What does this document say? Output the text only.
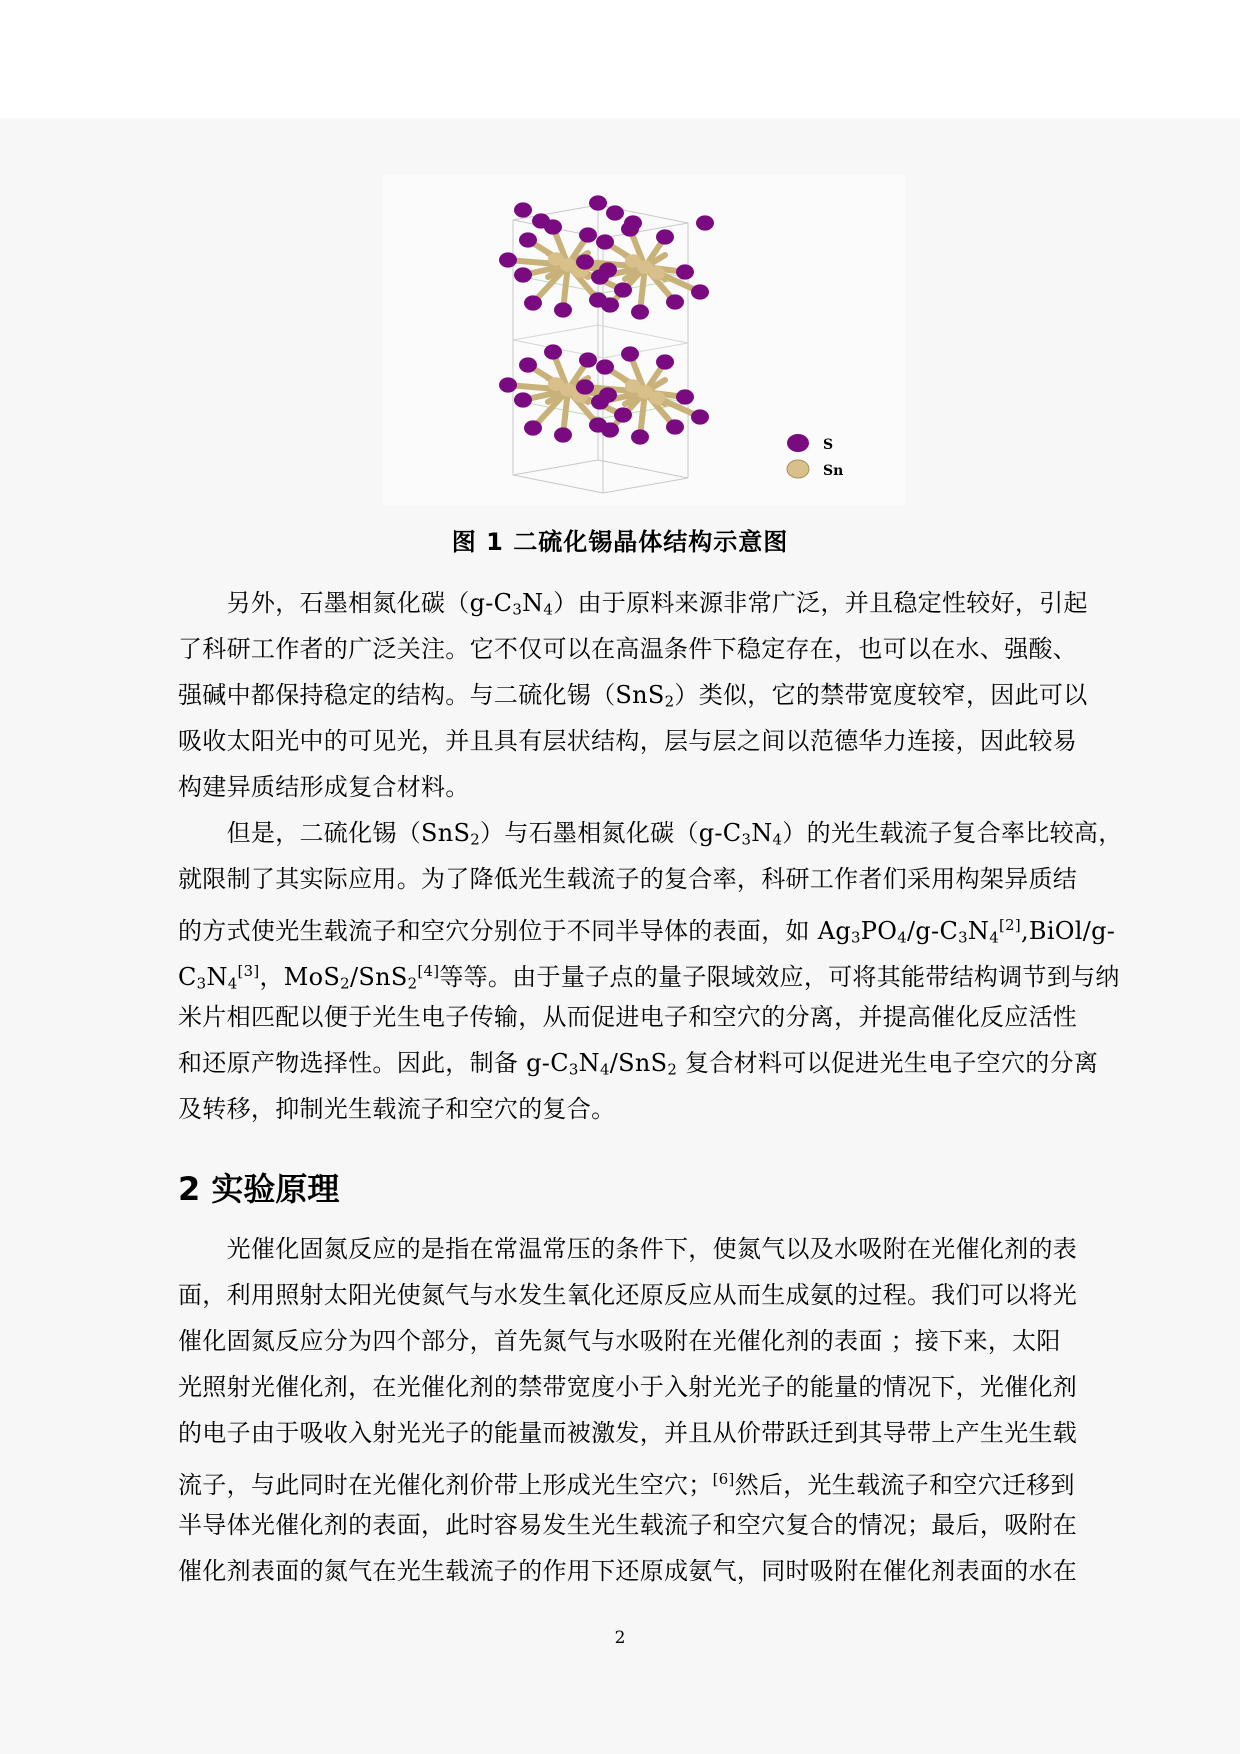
S
Sn
图 1 二硫化锡晶体结构示意图
　　另外，石墨相氮化碳$(g-C_3N_4)$由于原料来源非常广泛，并且稳定性较好，引起
了科研工作者的广泛关注。它不仅可以在高温条件下稳定存在，也可以在水、强酸、
强碱中都保持稳定的结构。与二硫化锡（SnS$_2$）类似，它的禁带宽度较窄，因此可以
吸收太阳光中的可见光，并且具有层状结构，层与层之间以范德华力连接，因此较易
构建异质结形成复合材料。
　　但是，二硫化锡（SnS$_2$）与石墨相氮化碳$(g-C_3N_4)$的光生载流子复合率比较高，
就限制了其实际应用。为了降低光生载流子的复合率，科研工作者们采用构架异质结
的方式使光生载流子和空穴分别位于不同半导体的表面，如 $Ag_3PO_4/g-C_3N_4[2],BiOl/g-$
$C_3N_4[3]$，MoS$_2$/SnS$_2$[4]等等。由于量子点的量子限域效应，可将其能带结构调节到与纳
米片相匹配以便于光生电子传输，从而促进电子和空穴的分离，并提高催化反应活性
和还原产物选择性。因此，制备 $g-C_3N_4/SnS_2$ 复合材料可以促进光生电子空穴的分离
及转移，抑制光生载流子和空穴的复合。
2 实验原理
　　光催化固氮反应的是指在常温常压的条件下，使氮气以及水吸附在光催化剂的表
面，利用照射太阳光使氮气与水发生氧化还原反应从而生成氨的过程。我们可以将光
催化固氮反应分为四个部分，首先氮气与水吸附在光催化剂的表面 ；接下来，太阳
光照射光催化剂，在光催化剂的禁带宽度小于入射光光子的能量的情况下，光催化剂
的电子由于吸收入射光光子的能量而被激发，并且从价带跃迁到其导带上产生光生载
流子，与此同时在光催化剂价带上形成光生空穴；[6]然后，光生载流子和空穴迁移到
半导体光催化剂的表面，此时容易发生光生载流子和空穴复合的情况；最后，吸附在
催化剂表面的氮气在光生载流子的作用下还原成氨气，同时吸附在催化剂表面的水在
2
